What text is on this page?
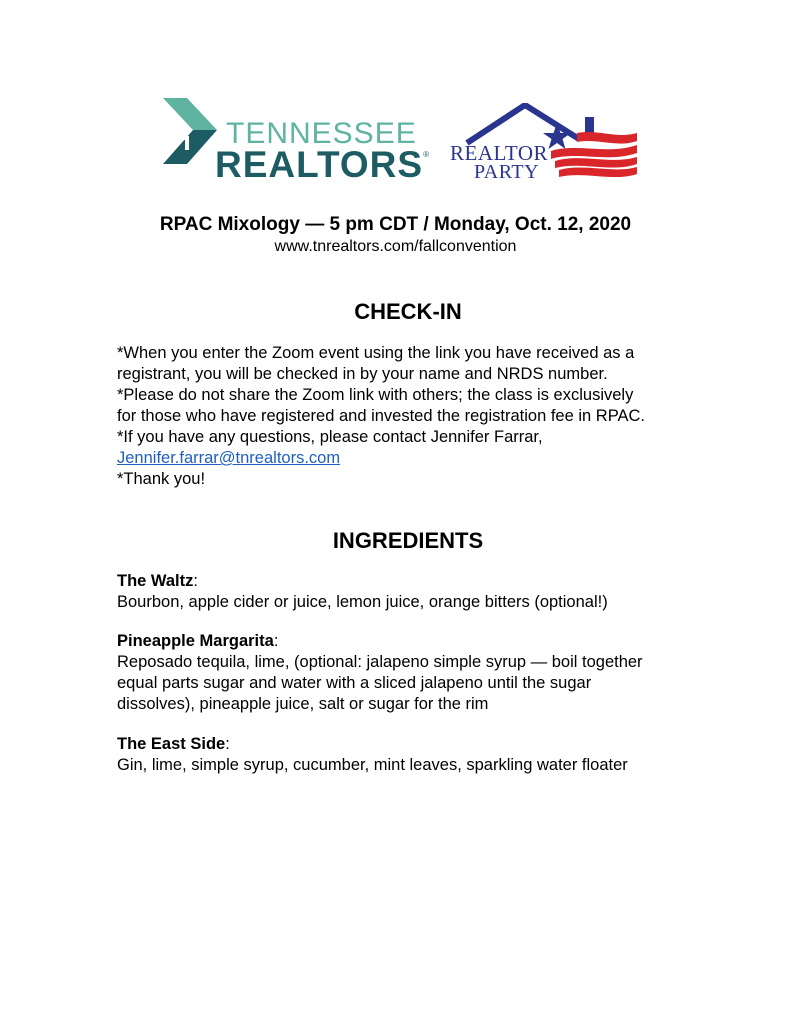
TENNESSEE
REALTORS® REALTOR
PARTY
RPAC Mixology — 5 pm CDT / Monday, Oct. 12, 2020

www.tnrealtors.com/fallconvention

CHECK-IN

*When you enter the Zoom event using the link you have received as a

registrant, you will be checked in by your name and NRDS number.

*Please do not share the Zoom link with others; the class is exclusively

for those who have registered and invested the registration fee in RPAC.

*If you have any questions, please contact Jennifer Farrar,

Jennifer.farrar@tnrealtors.com

*Thank you!

INGREDIENTS

The Waltz:

Bourbon, apple cider or juice, lemon juice, orange bitters (optional!)

Pineapple Margarita:

Reposado tequila, lime, (optional: jalapeno simple syrup — boil together

equal parts sugar and water with a sliced jalapeno until the sugar

dissolves), pineapple juice, salt or sugar for the rim

The East Side:

Gin, lime, simple syrup, cucumber, mint leaves, sparkling water floater
